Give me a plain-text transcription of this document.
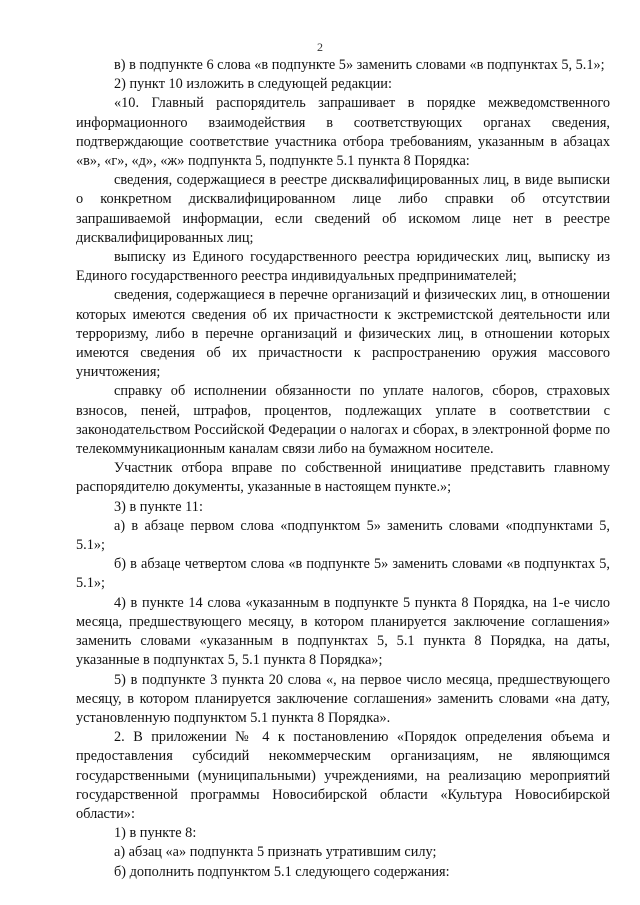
2

в) в подпункте 6 слова «в подпункте 5» заменить словами «в подпунктах 5, 5.1»;

2) пункт 10 изложить в следующей редакции:

«10. Главный распорядитель запрашивает в порядке межведомственного информационного взаимодействия в соответствующих органах сведения, подтверждающие соответствие участника отбора требованиям, указанным в абзацах «в», «г», «д», «ж» подпункта 5, подпункте 5.1 пункта 8 Порядка:

сведения, содержащиеся в реестре дисквалифицированных лиц, в виде выписки о конкретном дисквалифицированном лице либо справки об отсутствии запрашиваемой информации, если сведений об искомом лице нет в реестре дисквалифицированных лиц;

выписку из Единого государственного реестра юридических лиц, выписку из Единого государственного реестра индивидуальных предпринимателей;

сведения, содержащиеся в перечне организаций и физических лиц, в отношении которых имеются сведения об их причастности к экстремистской деятельности или терроризму, либо в перечне организаций и физических лиц, в отношении которых имеются сведения об их причастности к распространению оружия массового уничтожения;

справку об исполнении обязанности по уплате налогов, сборов, страховых взносов, пеней, штрафов, процентов, подлежащих уплате в соответствии с законодательством Российской Федерации о налогах и сборах, в электронной форме по телекоммуникационным каналам связи либо на бумажном носителе.

Участник отбора вправе по собственной инициативе представить главному распорядителю документы, указанные в настоящем пункте.»;

3) в пункте 11:

а) в абзаце первом слова «подпунктом 5» заменить словами «подпунктами 5, 5.1»;

б) в абзаце четвертом слова «в подпункте 5» заменить словами «в подпунктах 5, 5.1»;

4) в пункте 14 слова «указанным в подпункте 5 пункта 8 Порядка, на 1-е число месяца, предшествующего месяцу, в котором планируется заключение соглашения» заменить словами «указанным в подпунктах 5, 5.1 пункта 8 Порядка, на даты, указанные в подпунктах 5, 5.1 пункта 8 Порядка»;

5) в подпункте 3 пункта 20 слова «, на первое число месяца, предшествующего месяцу, в котором планируется заключение соглашения» заменить словами «на дату, установленную подпунктом 5.1 пункта 8 Порядка».

2. В приложении № 4 к постановлению «Порядок определения объема и предоставления субсидий некоммерческим организациям, не являющимся государственными (муниципальными) учреждениями, на реализацию мероприятий государственной программы Новосибирской области «Культура Новосибирской области»:

1) в пункте 8:

а) абзац «а» подпункта 5 признать утратившим силу;

б) дополнить подпунктом 5.1 следующего содержания:
